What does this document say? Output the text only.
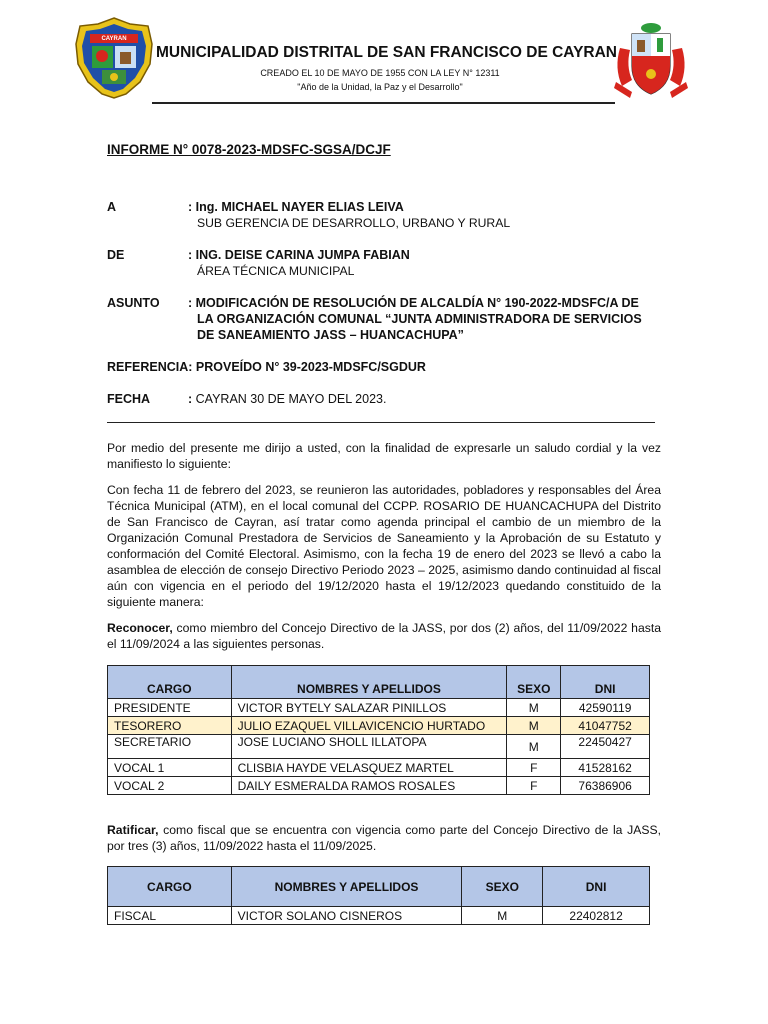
CAYRAN
MUNICIPALIDAD DISTRITAL DE SAN FRANCISCO DE CAYRAN
CREADO EL 10 DE MAYO DE 1955 CON LA LEY N° 12311
"Año de la Unidad, la Paz y el Desarrollo"
INFORME N° 0078-2023-MDSFC-SGSA/DCJF
A	: Ing. MICHAEL NAYER ELIAS LEIVA
SUB GERENCIA DE DESARROLLO, URBANO Y RURAL
DE	: ING. DEISE CARINA JUMPA FABIAN
ÁREA TÉCNICA MUNICIPAL
ASUNTO : MODIFICACIÓN DE RESOLUCIÓN DE ALCALDÍA N° 190-2022-MDSFC/A DE
LA ORGANIZACIÓN COMUNAL “JUNTA ADMINISTRADORA DE SERVICIOS
DE SANEAMIENTO JASS – HUANCACHUPA”
REFERENCIA: PROVEÍDO N° 39-2023-MDSFC/SGDUR
FECHA	: CAYRAN 30 DE MAYO DEL 2023.
Por medio del presente me dirijo a usted, con la finalidad de expresarle un saludo cordial y la vez manifiesto lo siguiente:
Con fecha 11 de febrero del 2023, se reunieron las autoridades, pobladores y responsables del Área Técnica Municipal (ATM), en el local comunal del CCPP. ROSARIO DE HUANCACHUPA del Distrito de San Francisco de Cayran, así tratar como agenda principal el cambio de un miembro de la Organización Comunal Prestadora de Servicios de Saneamiento y la Aprobación de su Estatuto y conformación del Comité Electoral. Asimismo, con la fecha 19 de enero del 2023 se llevó a cabo la asamblea de elección de consejo Directivo Periodo 2023 – 2025, asimismo dando continuidad al fiscal aún con vigencia en el periodo del 19/12/2020 hasta el 19/12/2023 quedando constituido de la siguiente manera:
Reconocer, como miembro del Concejo Directivo de la JASS, por dos (2) años, del 11/09/2022 hasta el 11/09/2024 a las siguientes personas.
CARGO	NOMBRES Y APELLIDOS	SEXO	DNI
PRESIDENTE	VICTOR BYTELY SALAZAR PINILLOS	M	42590119
TESORERO	JULIO EZAQUEL VILLAVICENCIO HURTADO	M	41047752
SECRETARIO	JOSE LUCIANO SHOLL ILLATOPA	M	22450427
VOCAL 1	CLISBIA HAYDE VELASQUEZ MARTEL	F	41528162
VOCAL 2	DAILY ESMERALDA RAMOS ROSALES	F	76386906
Ratificar, como fiscal que se encuentra con vigencia como parte del Concejo Directivo de la JASS, por tres (3) años, 11/09/2022 hasta el 11/09/2025.
CARGO	NOMBRES Y APELLIDOS	SEXO	DNI
FISCAL	VICTOR SOLANO CISNEROS	M	22402812
